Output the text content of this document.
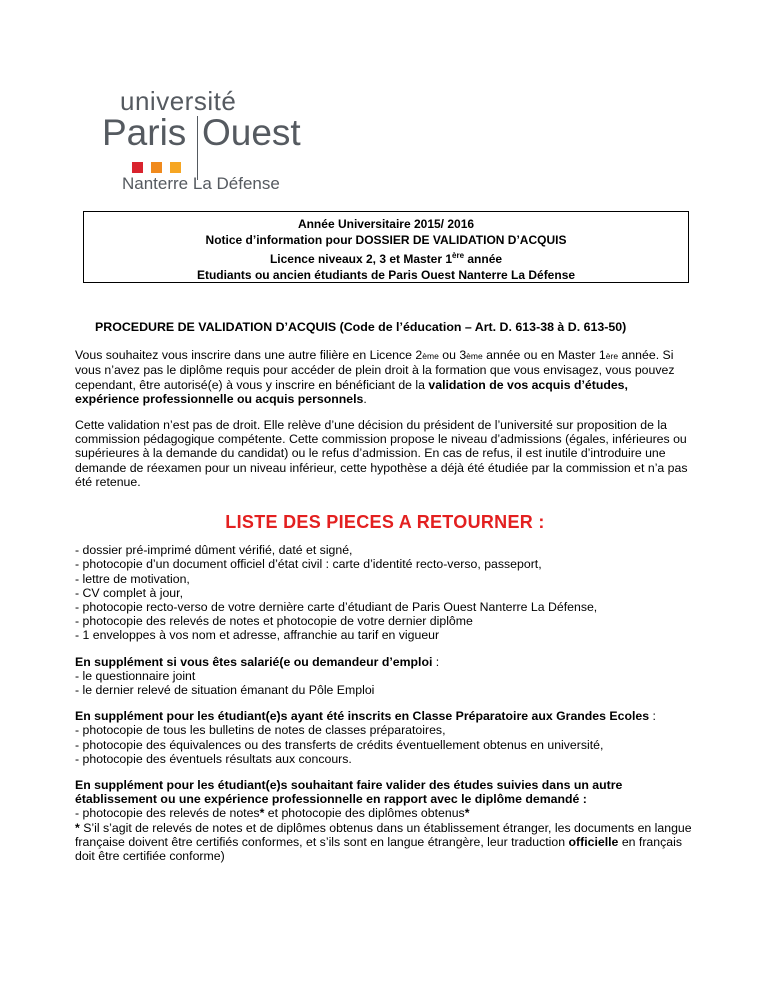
université
Paris Ouest
Nanterre La Défense
Année Universitaire 2015/ 2016
Notice d’information pour DOSSIER DE VALIDATION D’ACQUIS
Licence niveaux 2, 3 et Master 1ère année
Etudiants ou ancien étudiants de Paris Ouest Nanterre La Défense
PROCEDURE DE VALIDATION D’ACQUIS (Code de l’éducation – Art. D. 613-38 à D. 613-50)

Vous souhaitez vous inscrire dans une autre filière en Licence 2ème ou 3ème année ou en Master 1ère année. Si vous n’avez pas le diplôme requis pour accéder de plein droit à la formation que vous envisagez, vous pouvez cependant, être autorisé(e) à vous y inscrire en bénéficiant de la validation de vos acquis d’études, expérience professionnelle ou acquis personnels.

Cette validation n’est pas de droit. Elle relève d’une décision du président de l’université sur proposition de la commission pédagogique compétente. Cette commission propose le niveau d’admissions (égales, inférieures ou supérieures à la demande du candidat) ou le refus d’admission. En cas de refus, il est inutile d’introduire une demande de réexamen pour un niveau inférieur, cette hypothèse a déjà été étudiée par la commission et n’a pas été retenue.

LISTE DES PIECES A RETOURNER :
- dossier pré-imprimé dûment vérifié, daté et signé,
- photocopie d’un document officiel d’état civil : carte d’identité recto-verso, passeport,
- lettre de motivation,
- CV complet à jour,
- photocopie recto-verso de votre dernière carte d’étudiant de Paris Ouest Nanterre La Défense,
- photocopie des relevés de notes et photocopie de votre dernier diplôme
- 1 enveloppes à vos nom et adresse, affranchie au tarif en vigueur
En supplément si vous êtes salarié(e ou demandeur d’emploi :
- le questionnaire joint
- le dernier relevé de situation émanant du Pôle Emploi
En supplément pour les étudiant(e)s ayant été inscrits en Classe Préparatoire aux Grandes Ecoles :
- photocopie de tous les bulletins de notes de classes préparatoires,
- photocopie des équivalences ou des transferts de crédits éventuellement obtenus en université,
- photocopie des éventuels résultats aux concours.
En supplément pour les étudiant(e)s souhaitant faire valider des études suivies dans un autre établissement ou une expérience professionnelle en rapport avec le diplôme demandé :
- photocopie des relevés de notes* et photocopie des diplômes obtenus*
* S’il s’agit de relevés de notes et de diplômes obtenus dans un établissement étranger, les documents en langue française doivent être certifiés conformes, et s’ils sont en langue étrangère, leur traduction officielle en français doit être certifiée conforme)
